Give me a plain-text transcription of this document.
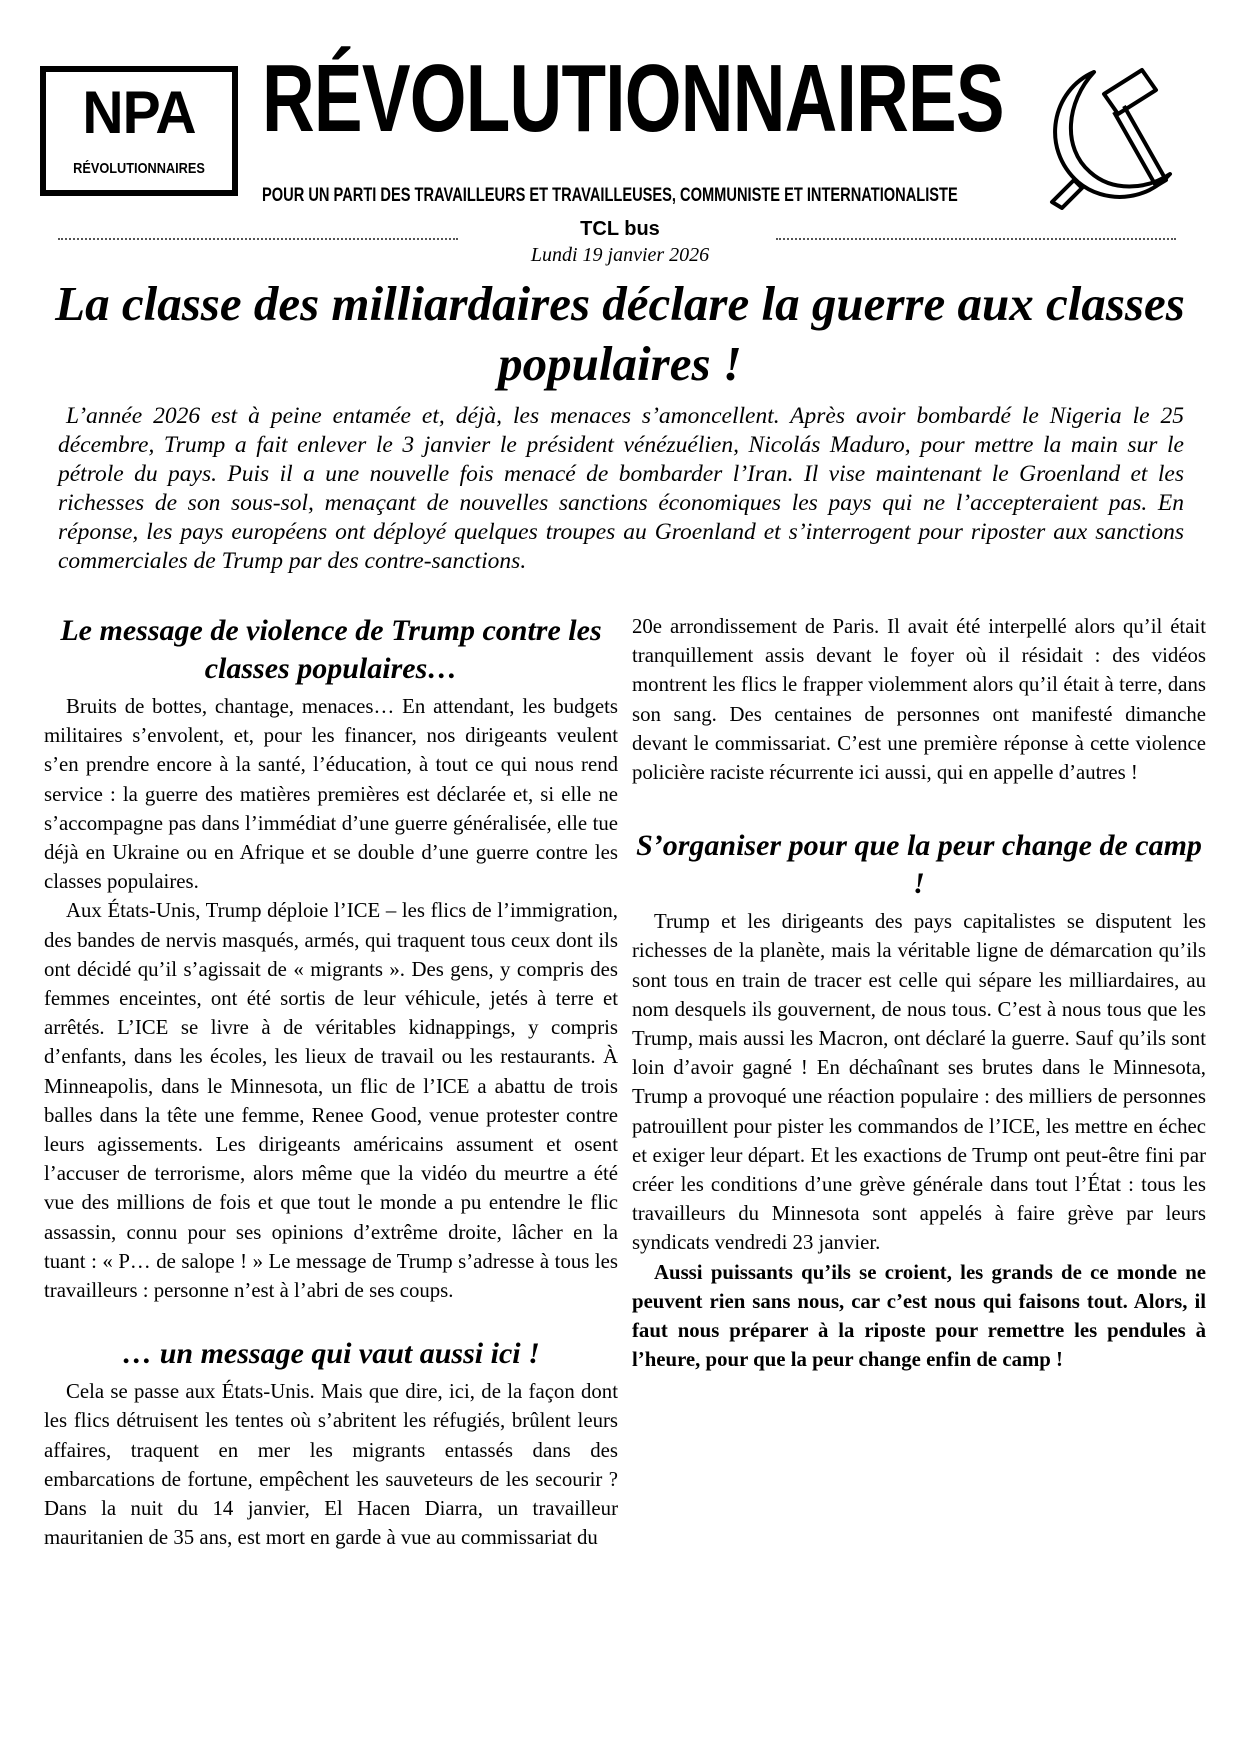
NPA
RÉVOLUTIONNAIRES
RÉVOLUTIONNAIRES
POUR UN PARTI DES TRAVAILLEURS ET TRAVAILLEUSES, COMMUNISTE ET INTERNATIONALISTE
TCL bus
Lundi 19 janvier 2026
La classe des milliardaires déclare la guerre aux classes populaires !

L’année 2026 est à peine entamée et, déjà, les menaces s’amoncellent. Après avoir bombardé le Nigeria le 25 décembre, Trump a fait enlever le 3 janvier le président vénézuélien, Nicolás Maduro, pour mettre la main sur le pétrole du pays. Puis il a une nouvelle fois menacé de bombarder l’Iran. Il vise maintenant le Groenland et les richesses de son sous-sol, menaçant de nouvelles sanctions économiques les pays qui ne l’accepteraient pas. En réponse, les pays européens ont déployé quelques troupes au Groenland et s’interrogent pour riposter aux sanctions commerciales de Trump par des contre-sanctions.

Le message de violence de Trump contre les classes populaires…

Bruits de bottes, chantage, menaces… En attendant, les budgets militaires s’envolent, et, pour les financer, nos dirigeants veulent s’en prendre encore à la santé, l’éducation, à tout ce qui nous rend service : la guerre des matières premières est déclarée et, si elle ne s’accompagne pas dans l’immédiat d’une guerre généralisée, elle tue déjà en Ukraine ou en Afrique et se double d’une guerre contre les classes populaires.

Aux États-Unis, Trump déploie l’ICE – les flics de l’immigration, des bandes de nervis masqués, armés, qui traquent tous ceux dont ils ont décidé qu’il s’agissait de « migrants ». Des gens, y compris des femmes enceintes, ont été sortis de leur véhicule, jetés à terre et arrêtés. L’ICE se livre à de véritables kidnappings, y compris d’enfants, dans les écoles, les lieux de travail ou les restaurants. À Minneapolis, dans le Minnesota, un flic de l’ICE a abattu de trois balles dans la tête une femme, Renee Good, venue protester contre leurs agissements. Les dirigeants américains assument et osent l’accuser de terrorisme, alors même que la vidéo du meurtre a été vue des millions de fois et que tout le monde a pu entendre le flic assassin, connu pour ses opinions d’extrême droite, lâcher en la tuant : « P… de salope ! » Le message de Trump s’adresse à tous les travailleurs : personne n’est à l’abri de ses coups.

… un message qui vaut aussi ici !

Cela se passe aux États-Unis. Mais que dire, ici, de la façon dont les flics détruisent les tentes où s’abritent les réfugiés, brûlent leurs affaires, traquent en mer les migrants entassés dans des embarcations de fortune, empêchent les sauveteurs de les secourir ? Dans la nuit du 14 janvier, El Hacen Diarra, un travailleur mauritanien de 35 ans, est mort en garde à vue au commissariat du

20e arrondissement de Paris. Il avait été interpellé alors qu’il était tranquillement assis devant le foyer où il résidait : des vidéos montrent les flics le frapper violemment alors qu’il était à terre, dans son sang. Des centaines de personnes ont manifesté dimanche devant le commissariat. C’est une première réponse à cette violence policière raciste récurrente ici aussi, qui en appelle d’autres !

S’organiser pour que la peur change de camp !

Trump et les dirigeants des pays capitalistes se disputent les richesses de la planète, mais la véritable ligne de démarcation qu’ils sont tous en train de tracer est celle qui sépare les milliardaires, au nom desquels ils gouvernent, de nous tous. C’est à nous tous que les Trump, mais aussi les Macron, ont déclaré la guerre. Sauf qu’ils sont loin d’avoir gagné ! En déchaînant ses brutes dans le Minnesota, Trump a provoqué une réaction populaire : des milliers de personnes patrouillent pour pister les commandos de l’ICE, les mettre en échec et exiger leur départ. Et les exactions de Trump ont peut-être fini par créer les conditions d’une grève générale dans tout l’État : tous les travailleurs du Minnesota sont appelés à faire grève par leurs syndicats vendredi 23 janvier.

Aussi puissants qu’ils se croient, les grands de ce monde ne peuvent rien sans nous, car c’est nous qui faisons tout. Alors, il faut nous préparer à la riposte pour remettre les pendules à l’heure, pour que la peur change enfin de camp !
